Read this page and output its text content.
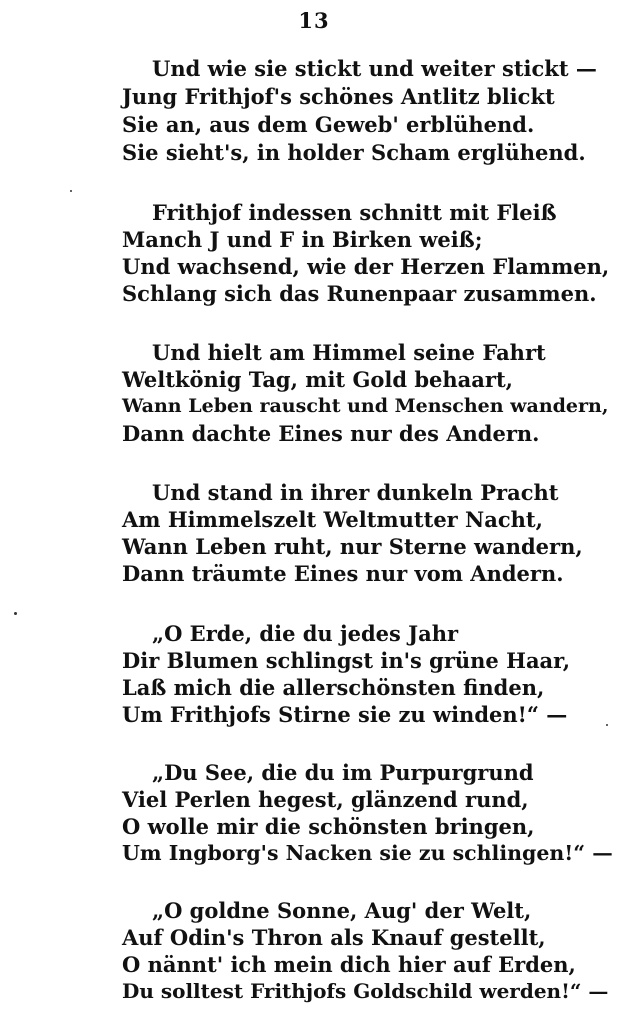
13
Und wie sie stickt und weiter stickt —
Jung Frithjof's schönes Antlitz blickt
Sie an, aus dem Geweb' erblühend.
Sie sieht's, in holder Scham erglühend.
Frithjof indessen schnitt mit Fleiß
Manch J und F in Birken weiß;
Und wachsend, wie der Herzen Flammen,
Schlang sich das Runenpaar zusammen.
Und hielt am Himmel seine Fahrt
Weltkönig Tag, mit Gold behaart,
Wann Leben rauscht und Menschen wandern,
Dann dachte Eines nur des Andern.
Und stand in ihrer dunkeln Pracht
Am Himmelszelt Weltmutter Nacht,
Wann Leben ruht, nur Sterne wandern,
Dann träumte Eines nur vom Andern.
„O Erde, die du jedes Jahr
Dir Blumen schlingst in's grüne Haar,
Laß mich die allerschönsten finden,
Um Frithjofs Stirne sie zu winden!“ —
„Du See, die du im Purpurgrund
Viel Perlen hegest, glänzend rund,
O wolle mir die schönsten bringen,
Um Ingborg's Nacken sie zu schlingen!“ —
„O goldne Sonne, Aug' der Welt,
Auf Odin's Thron als Knauf gestellt,
O nännt' ich mein dich hier auf Erden,
Du solltest Frithjofs Goldschild werden!“ —
